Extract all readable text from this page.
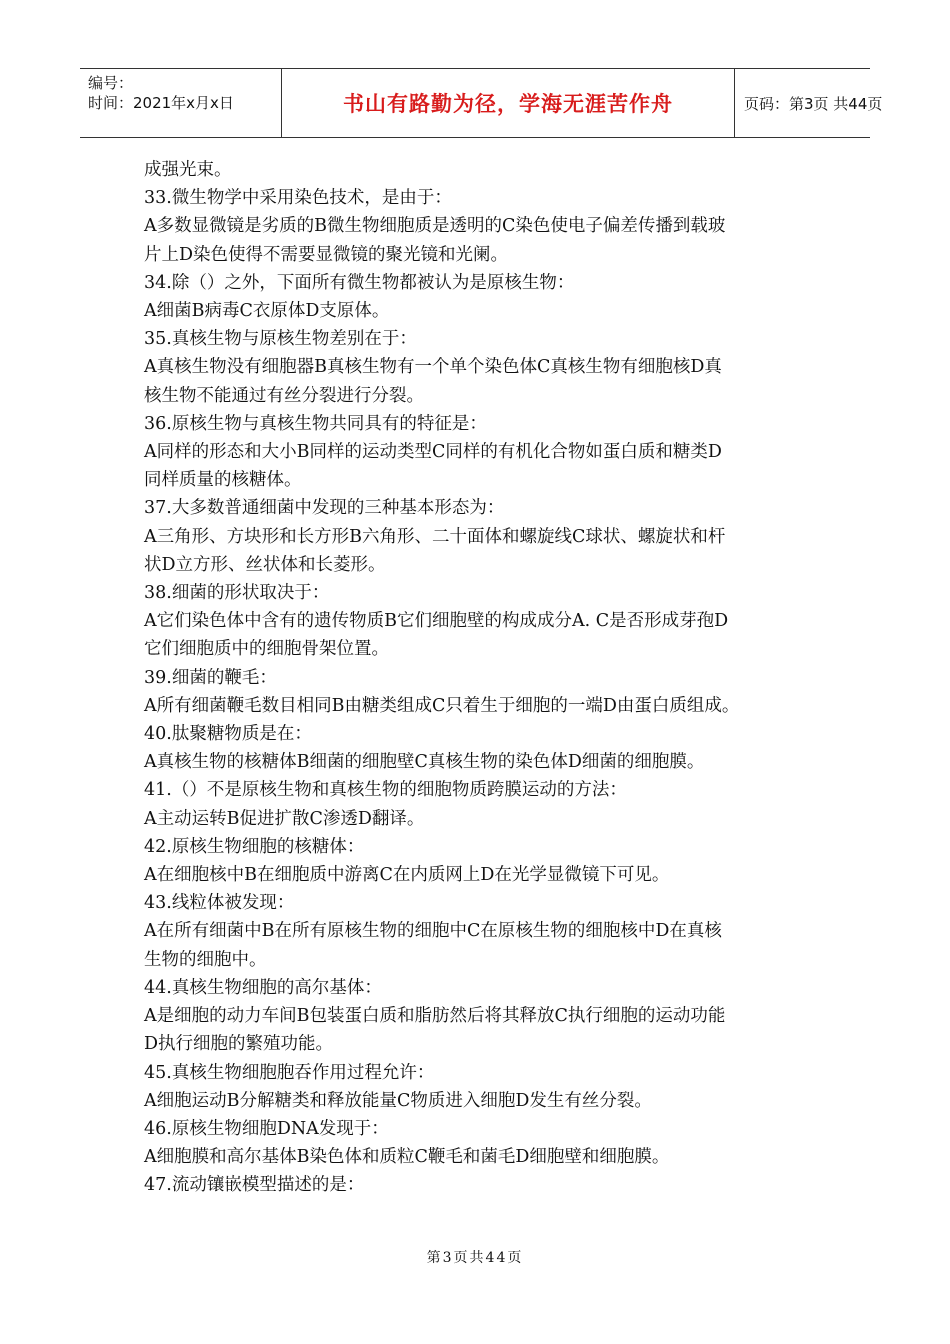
编号：
时间：2021年x月x日	书山有路勤为径，学海无涯苦作舟	页码：第3页 共44页

成强光束。

33.微生物学中采用染色技术，是由于：

A多数显微镜是劣质的B微生物细胞质是透明的C染色使电子偏差传播到载玻

片上D染色使得不需要显微镜的聚光镜和光阑。

34.除（）之外，下面所有微生物都被认为是原核生物：

A细菌B病毒C衣原体D支原体。

35.真核生物与原核生物差别在于：

A真核生物没有细胞器B真核生物有一个单个染色体C真核生物有细胞核D真

核生物不能通过有丝分裂进行分裂。

36.原核生物与真核生物共同具有的特征是：

A同样的形态和大小B同样的运动类型C同样的有机化合物如蛋白质和糖类D

同样质量的核糖体。

37.大多数普通细菌中发现的三种基本形态为：

A三角形、方块形和长方形B六角形、二十面体和螺旋线C球状、螺旋状和杆

状D立方形、丝状体和长菱形。

38.细菌的形状取决于：

A它们染色体中含有的遗传物质B它们细胞壁的构成成分A. C是否形成芽孢D

它们细胞质中的细胞骨架位置。

39.细菌的鞭毛：

A所有细菌鞭毛数目相同B由糖类组成C只着生于细胞的一端D由蛋白质组成。

40.肽聚糖物质是在：

A真核生物的核糖体B细菌的细胞壁C真核生物的染色体D细菌的细胞膜。

41.（）不是原核生物和真核生物的细胞物质跨膜运动的方法：

A主动运转B促进扩散C渗透D翻译。

42.原核生物细胞的核糖体：

A在细胞核中B在细胞质中游离C在内质网上D在光学显微镜下可见。

43.线粒体被发现：

A在所有细菌中B在所有原核生物的细胞中C在原核生物的细胞核中D在真核

生物的细胞中。

44.真核生物细胞的高尔基体：

A是细胞的动力车间B包装蛋白质和脂肪然后将其释放C执行细胞的运动功能

D执行细胞的繁殖功能。

45.真核生物细胞胞吞作用过程允许：

A细胞运动B分解糖类和释放能量C物质进入细胞D发生有丝分裂。

46.原核生物细胞DNA发现于：

A细胞膜和高尔基体B染色体和质粒C鞭毛和菌毛D细胞壁和细胞膜。

47.流动镶嵌模型描述的是：

第3页共44页
